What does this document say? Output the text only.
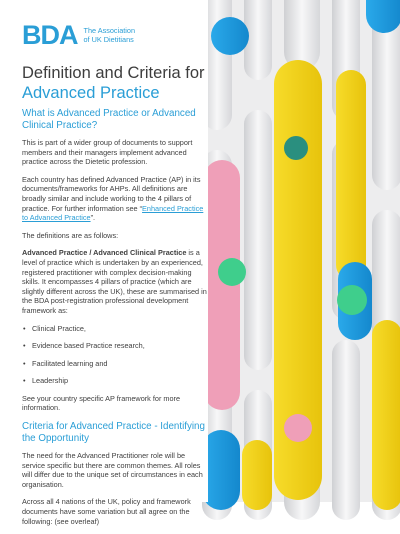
BDA The Association
of UK Dietitians
Definition and Criteria for
Advanced Practice
What is Advanced Practice or Advanced Clinical Practice?

This is part of a wider group of documents to support members and their managers implement advanced practice across the Dietetic profession.

Each country has defined Advanced Practice (AP) in its documents/frameworks for AHPs. All definitions are broadly similar and include working to the 4 pillars of practice. For further information see “Enhanced Practice to Advanced Practice”.

The definitions are as follows:

Advanced Practice / Advanced Clinical Practice is a level of practice which is undertaken by an experienced, registered practitioner with complex decision-making skills. It encompasses 4 pillars of practice (which are slightly different across the UK), these are summarised in the BDA post-registration professional development framework as:

• Clinical Practice,
• Evidence based Practice research,
• Facilitated learning and
• Leadership

See your country specific AP framework for more information.

Criteria for Advanced Practice - Identifying the Opportunity

The need for the Advanced Practitioner role will be service specific but there are common themes. All roles will differ due to the unique set of circumstances in each organisation.

Across all 4 nations of the UK, policy and framework documents have some variation but all agree on the following: (see overleaf)
